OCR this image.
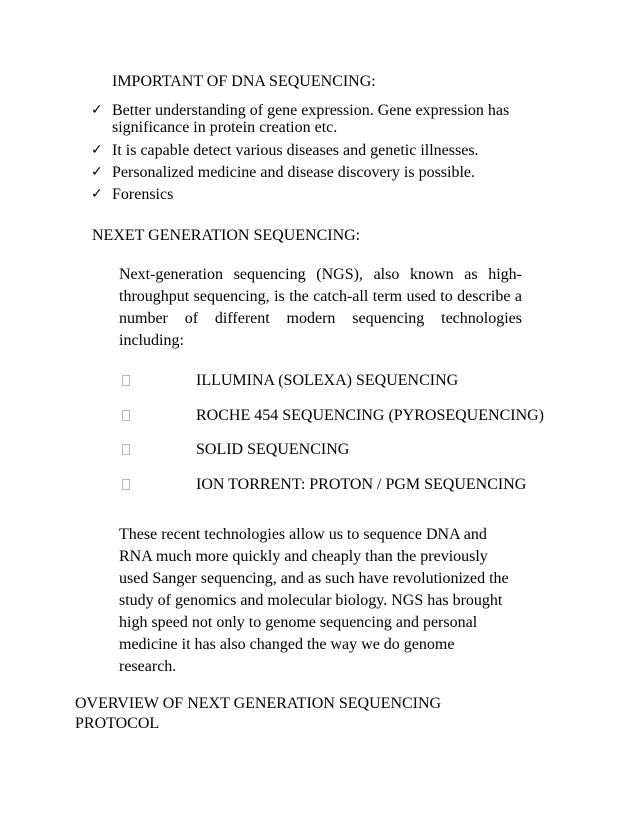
IMPORTANT OF DNA SEQUENCING:
✓ Better understanding of gene expression. Gene expression has significance in protein creation etc.
✓ It is capable detect various diseases and genetic illnesses.
✓ Personalized medicine and disease discovery is possible.
✓ Forensics
NEXET GENERATION SEQUENCING:
Next-generation sequencing (NGS), also known as high-throughput sequencing, is the catch-all term used to describe a number of different modern sequencing technologies including:
ILLUMINA (SOLEXA) SEQUENCING
ROCHE 454 SEQUENCING (PYROSEQUENCING)
SOLID SEQUENCING
ION TORRENT: PROTON / PGM SEQUENCING
These recent technologies allow us to sequence DNA and RNA much more quickly and cheaply than the previously used Sanger sequencing, and as such have revolutionized the study of genomics and molecular biology. NGS has brought high speed not only to genome sequencing and personal medicine it has also changed the way we do genome research.
OVERVIEW OF NEXT GENERATION SEQUENCING
PROTOCOL
